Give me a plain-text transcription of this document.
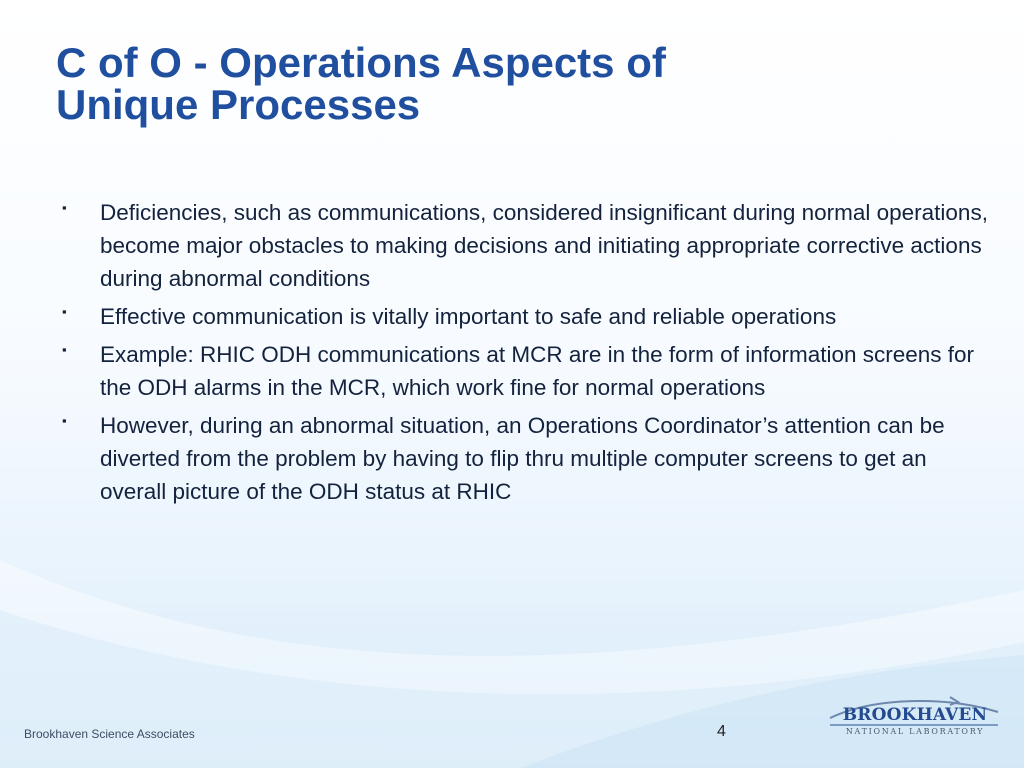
C of O - Operations Aspects of
Unique Processes
▪ Deficiencies, such as communications, considered insignificant during normal operations, become major obstacles to making decisions and initiating appropriate corrective actions during abnormal conditions
▪ Effective communication is vitally important to safe and reliable operations
▪ Example: RHIC ODH communications at MCR are in the form of information screens for the ODH alarms in the MCR, which work fine for normal operations
▪ However, during an abnormal situation, an Operations Coordinator’s attention can be diverted from the problem by having to flip thru multiple computer screens to get an overall picture of the ODH status at RHIC
Brookhaven Science Associates	4
BROOKHAVEN
NATIONAL LABORATORY
